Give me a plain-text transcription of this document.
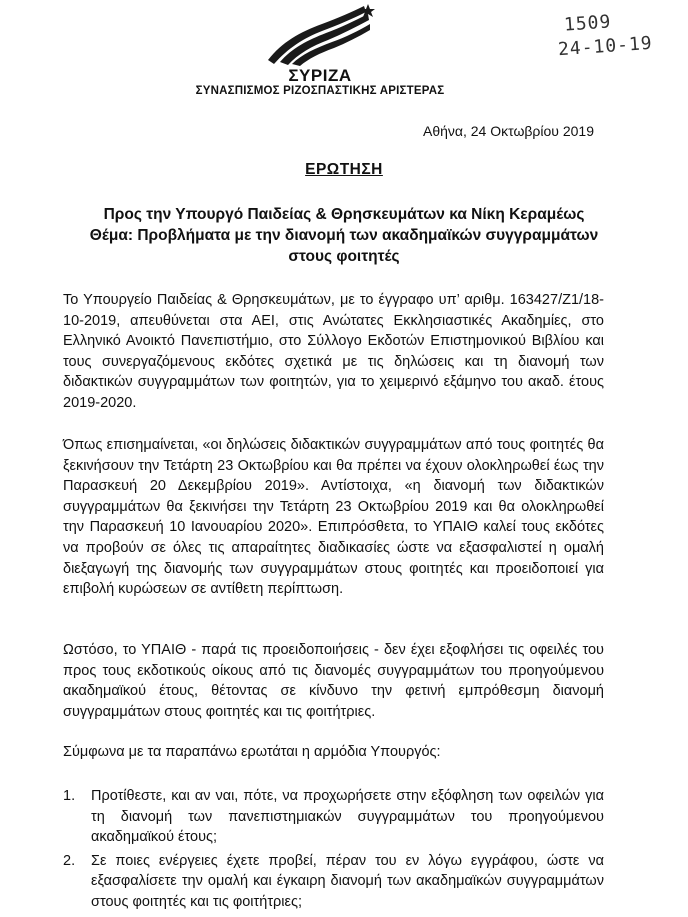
ΣΥΡΙΖΑ
ΣΥΝΑΣΠΙΣΜΟΣ ΡΙΖΟΣΠΑΣΤΙΚΗΣ ΑΡΙΣΤΕΡΑΣ
1509
24-10-19
Αθήνα, 24 Οκτωβρίου 2019
ΕΡΩΤΗΣΗ
Προς την Υπουργό Παιδείας & Θρησκευμάτων κα Νίκη Κεραμέως
Θέμα: Προβλήματα με την διανομή των ακαδημαϊκών συγγραμμάτων
στους φοιτητές
Το Υπουργείο Παιδείας & Θρησκευμάτων, με το έγγραφο υπ’ αριθμ. 163427/Ζ1/18-10-2019, απευθύνεται στα ΑΕΙ, στις Ανώτατες Εκκλησιαστικές Ακαδημίες, στο Ελληνικό Ανοικτό Πανεπιστήμιο, στο Σύλλογο Εκδοτών Επιστημονικού Βιβλίου και τους συνεργαζόμενους εκδότες σχετικά με τις δηλώσεις και τη διανομή των διδακτικών συγγραμμάτων των φοιτητών, για το χειμερινό εξάμηνο του ακαδ. έτους 2019-2020.
Όπως επισημαίνεται, «οι δηλώσεις διδακτικών συγγραμμάτων από τους φοιτητές θα ξεκινήσουν την Τετάρτη 23 Οκτωβρίου και θα πρέπει να έχουν ολοκληρωθεί έως την Παρασκευή 20 Δεκεμβρίου 2019». Αντίστοιχα, «η διανομή των διδακτικών συγγραμμάτων θα ξεκινήσει την Τετάρτη 23 Οκτωβρίου 2019 και θα ολοκληρωθεί την Παρασκευή 10 Ιανουαρίου 2020». Επιπρόσθετα, το ΥΠΑΙΘ καλεί τους εκδότες να προβούν σε όλες τις απαραίτητες διαδικασίες ώστε να εξασφαλιστεί η ομαλή διεξαγωγή της διανομής των συγγραμμάτων στους φοιτητές και προειδοποιεί για επιβολή κυρώσεων σε αντίθετη περίπτωση.
Ωστόσο, το ΥΠΑΙΘ - παρά τις προειδοποιήσεις - δεν έχει εξοφλήσει τις οφειλές του προς τους εκδοτικούς οίκους από τις διανομές συγγραμμάτων του προηγούμενου ακαδημαϊκού έτους, θέτοντας σε κίνδυνο την φετινή εμπρόθεσμη διανομή συγγραμμάτων στους φοιτητές και τις φοιτήτριες.
Σύμφωνα με τα παραπάνω ερωτάται η αρμόδια Υπουργός:
1. Προτίθεστε, και αν ναι, πότε, να προχωρήσετε στην εξόφληση των οφειλών για τη διανομή των πανεπιστημιακών συγγραμμάτων του προηγούμενου ακαδημαϊκού έτους;
2. Σε ποιες ενέργειες έχετε προβεί, πέραν του εν λόγω εγγράφου, ώστε να εξασφαλίσετε την ομαλή και έγκαιρη διανομή των ακαδημαϊκών συγγραμμάτων στους φοιτητές και τις φοιτήτριες;
